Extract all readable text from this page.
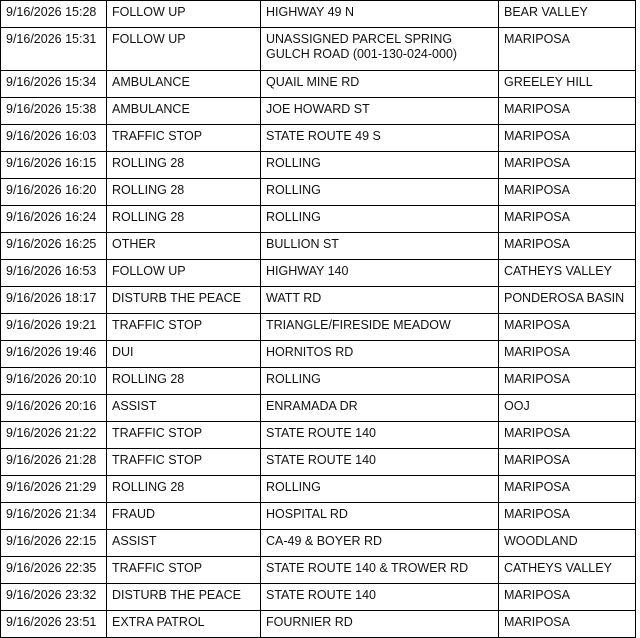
9/16/2026 15:28	FOLLOW UP	HIGHWAY 49 N	BEAR VALLEY
9/16/2026 15:31	FOLLOW UP	UNASSIGNED PARCEL SPRING GULCH ROAD (001-130-024-000)	MARIPOSA
9/16/2026 15:34	AMBULANCE	QUAIL MINE RD	GREELEY HILL
9/16/2026 15:38	AMBULANCE	JOE HOWARD ST	MARIPOSA
9/16/2026 16:03	TRAFFIC STOP	STATE ROUTE 49 S	MARIPOSA
9/16/2026 16:15	ROLLING 28	ROLLING	MARIPOSA
9/16/2026 16:20	ROLLING 28	ROLLING	MARIPOSA
9/16/2026 16:24	ROLLING 28	ROLLING	MARIPOSA
9/16/2026 16:25	OTHER	BULLION ST	MARIPOSA
9/16/2026 16:53	FOLLOW UP	HIGHWAY 140	CATHEYS VALLEY
9/16/2026 18:17	DISTURB THE PEACE	WATT RD	PONDEROSA BASIN
9/16/2026 19:21	TRAFFIC STOP	TRIANGLE/FIRESIDE MEADOW	MARIPOSA
9/16/2026 19:46	DUI	HORNITOS RD	MARIPOSA
9/16/2026 20:10	ROLLING 28	ROLLING	MARIPOSA
9/16/2026 20:16	ASSIST	ENRAMADA DR	OOJ
9/16/2026 21:22	TRAFFIC STOP	STATE ROUTE 140	MARIPOSA
9/16/2026 21:28	TRAFFIC STOP	STATE ROUTE 140	MARIPOSA
9/16/2026 21:29	ROLLING 28	ROLLING	MARIPOSA
9/16/2026 21:34	FRAUD	HOSPITAL RD	MARIPOSA
9/16/2026 22:15	ASSIST	CA-49 & BOYER RD	WOODLAND
9/16/2026 22:35	TRAFFIC STOP	STATE ROUTE 140 & TROWER RD	CATHEYS VALLEY
9/16/2026 23:32	DISTURB THE PEACE	STATE ROUTE 140	MARIPOSA
9/16/2026 23:51	EXTRA PATROL	FOURNIER RD	MARIPOSA
